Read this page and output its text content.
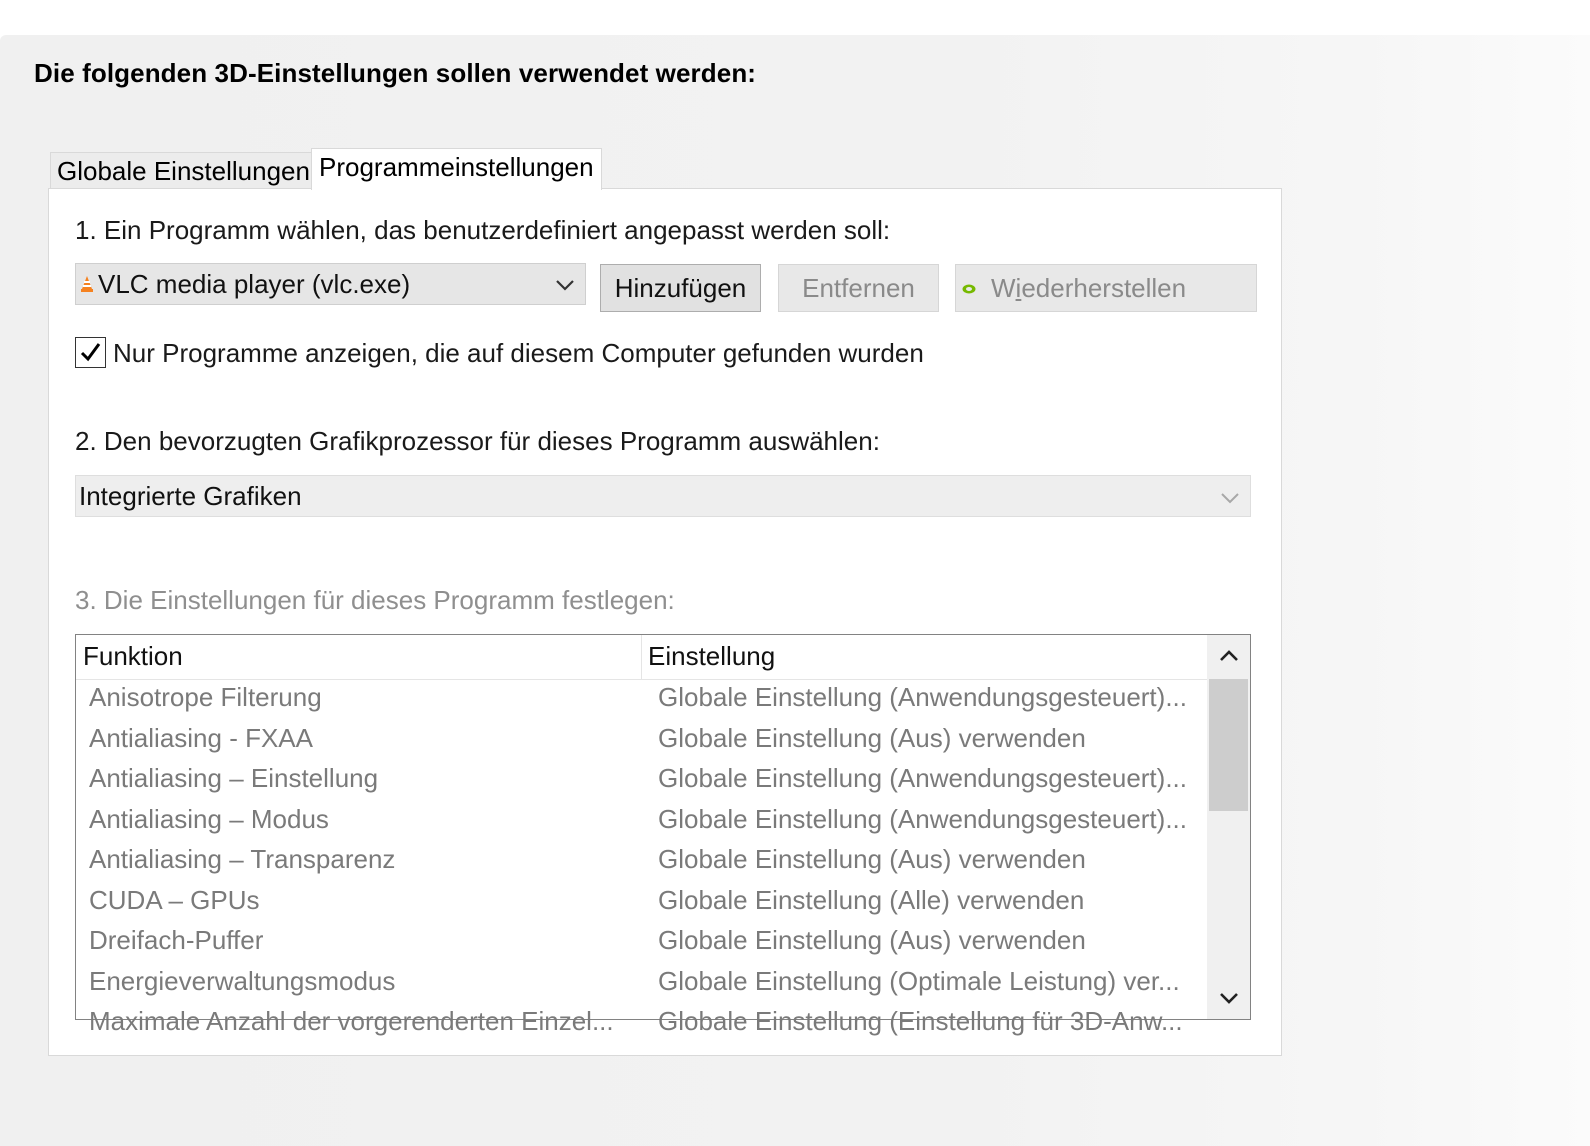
Die folgenden 3D-Einstellungen sollen verwendet werden:
Globale Einstellungen Programmeinstellungen
1. Ein Programm wählen, das benutzerdefiniert angepasst werden soll:
VLC media player (vlc.exe)	Hinzufügen	Entfernen	Wiederherstellen
Nur Programme anzeigen, die auf diesem Computer gefunden wurden
2. Den bevorzugten Grafikprozessor für dieses Programm auswählen:
Integrierte Grafiken
3. Die Einstellungen für dieses Programm festlegen:
Funktion	Einstellung
Anisotrope Filterung	Globale Einstellung (Anwendungsgesteuert)...
Antialiasing - FXAA	Globale Einstellung (Aus) verwenden
Antialiasing – Einstellung	Globale Einstellung (Anwendungsgesteuert)...
Antialiasing – Modus	Globale Einstellung (Anwendungsgesteuert)...
Antialiasing – Transparenz	Globale Einstellung (Aus) verwenden
CUDA – GPUs	Globale Einstellung (Alle) verwenden
Dreifach-Puffer	Globale Einstellung (Aus) verwenden
Energieverwaltungsmodus	Globale Einstellung (Optimale Leistung) ver...
Maximale Anzahl der vorgerenderten Einzel... Globale Einstellung (Einstellung für 3D-Anw...
